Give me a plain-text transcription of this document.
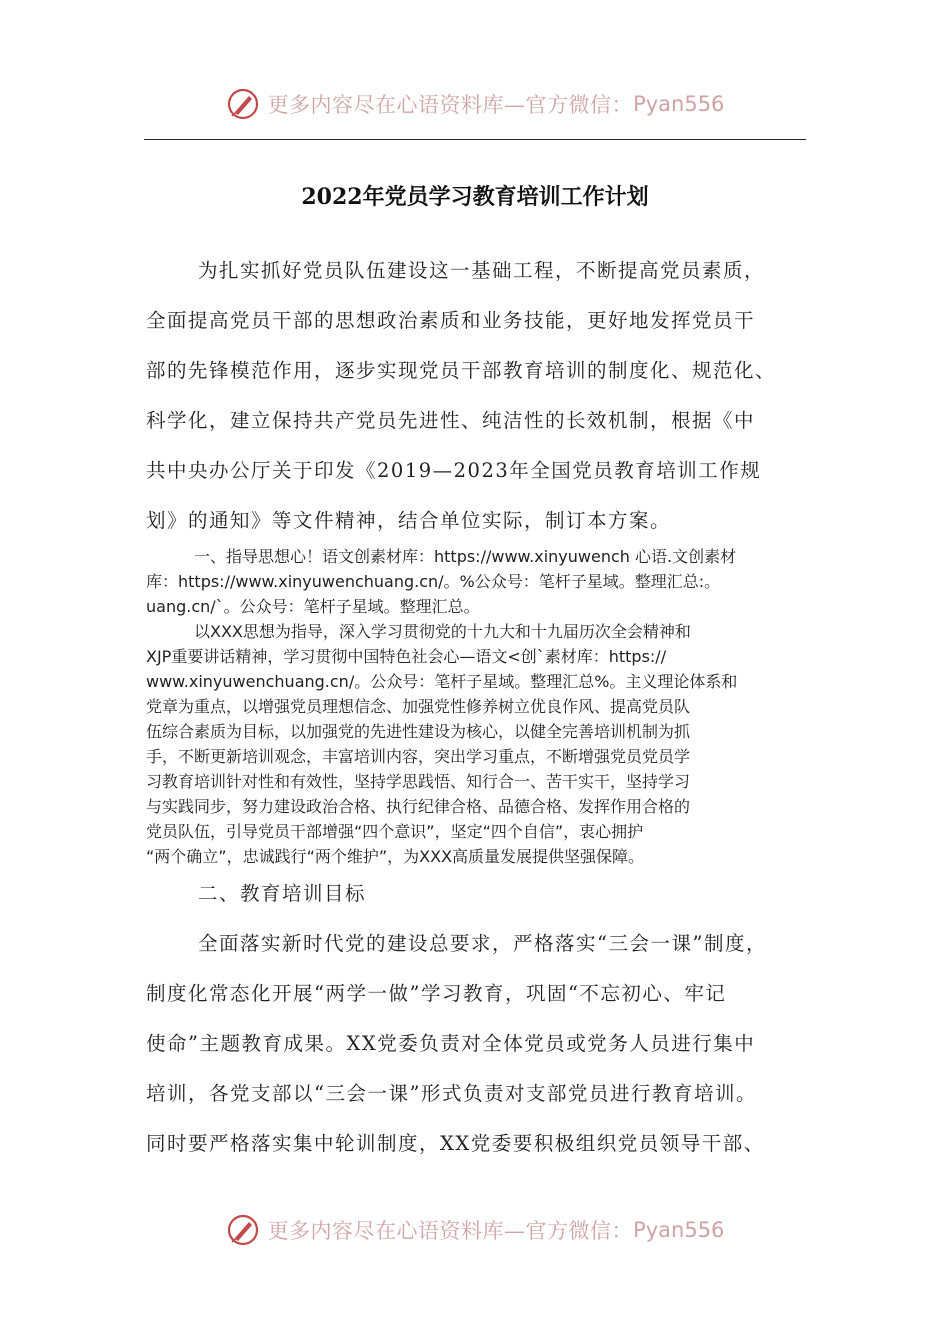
更多内容尽在心语资料库—官方微信： Pyan556
2022年党员学习教育培训工作计划
为扎实抓好党员队伍建设这一基础工程，不断提高党员素质，
全面提高党员干部的思想政治素质和业务技能，更好地发挥党员干
部的先锋模范作用，逐步实现党员干部教育培训的制度化、规范化、
科学化，建立保持共产党员先进性、纯洁性的长效机制，根据《中
共中央办公厅关于印发《2019—2023年全国党员教育培训工作规
划》的通知》等文件精神，结合单位实际，制订本方案。
一、指导思想心！语文创素材库：https://www.xinyuwench 心语.文创素材
库：https://www.xinyuwenchuang.cn/。%公众号：笔杆子星域。整理汇总:。
uang.cn/`。公众号：笔杆子星域。整理汇总。
以XXX思想为指导，深入学习贯彻党的十九大和十九届历次全会精神和
XJP重要讲话精神，学习贯彻中国特色社会心—语文<创`素材库：https://
www.xinyuwenchuang.cn/。公众号：笔杆子星域。整理汇总%。主义理论体系和
党章为重点，以增强党员理想信念、加强党性修养树立优良作风、提高党员队
伍综合素质为目标，以加强党的先进性建设为核心，以健全完善培训机制为抓
手，不断更新培训观念，丰富培训内容，突出学习重点，不断增强党员党员学
习教育培训针对性和有效性，坚持学思践悟、知行合一、苦干实干，坚持学习
与实践同步，努力建设政治合格、执行纪律合格、品德合格、发挥作用合格的
党员队伍，引导党员干部增强“四个意识”，坚定“四个自信”，衷心拥护
“两个确立”，忠诚践行“两个维护”，为XXX高质量发展提供坚强保障。
二、教育培训目标
全面落实新时代党的建设总要求，严格落实“三会一课”制度，
制度化常态化开展“两学一做”学习教育，巩固“不忘初心、牢记
使命”主题教育成果。XX党委负责对全体党员或党务人员进行集中
培训，各党支部以“三会一课”形式负责对支部党员进行教育培训。
同时要严格落实集中轮训制度，XX党委要积极组织党员领导干部、
更多内容尽在心语资料库—官方微信： Pyan556
